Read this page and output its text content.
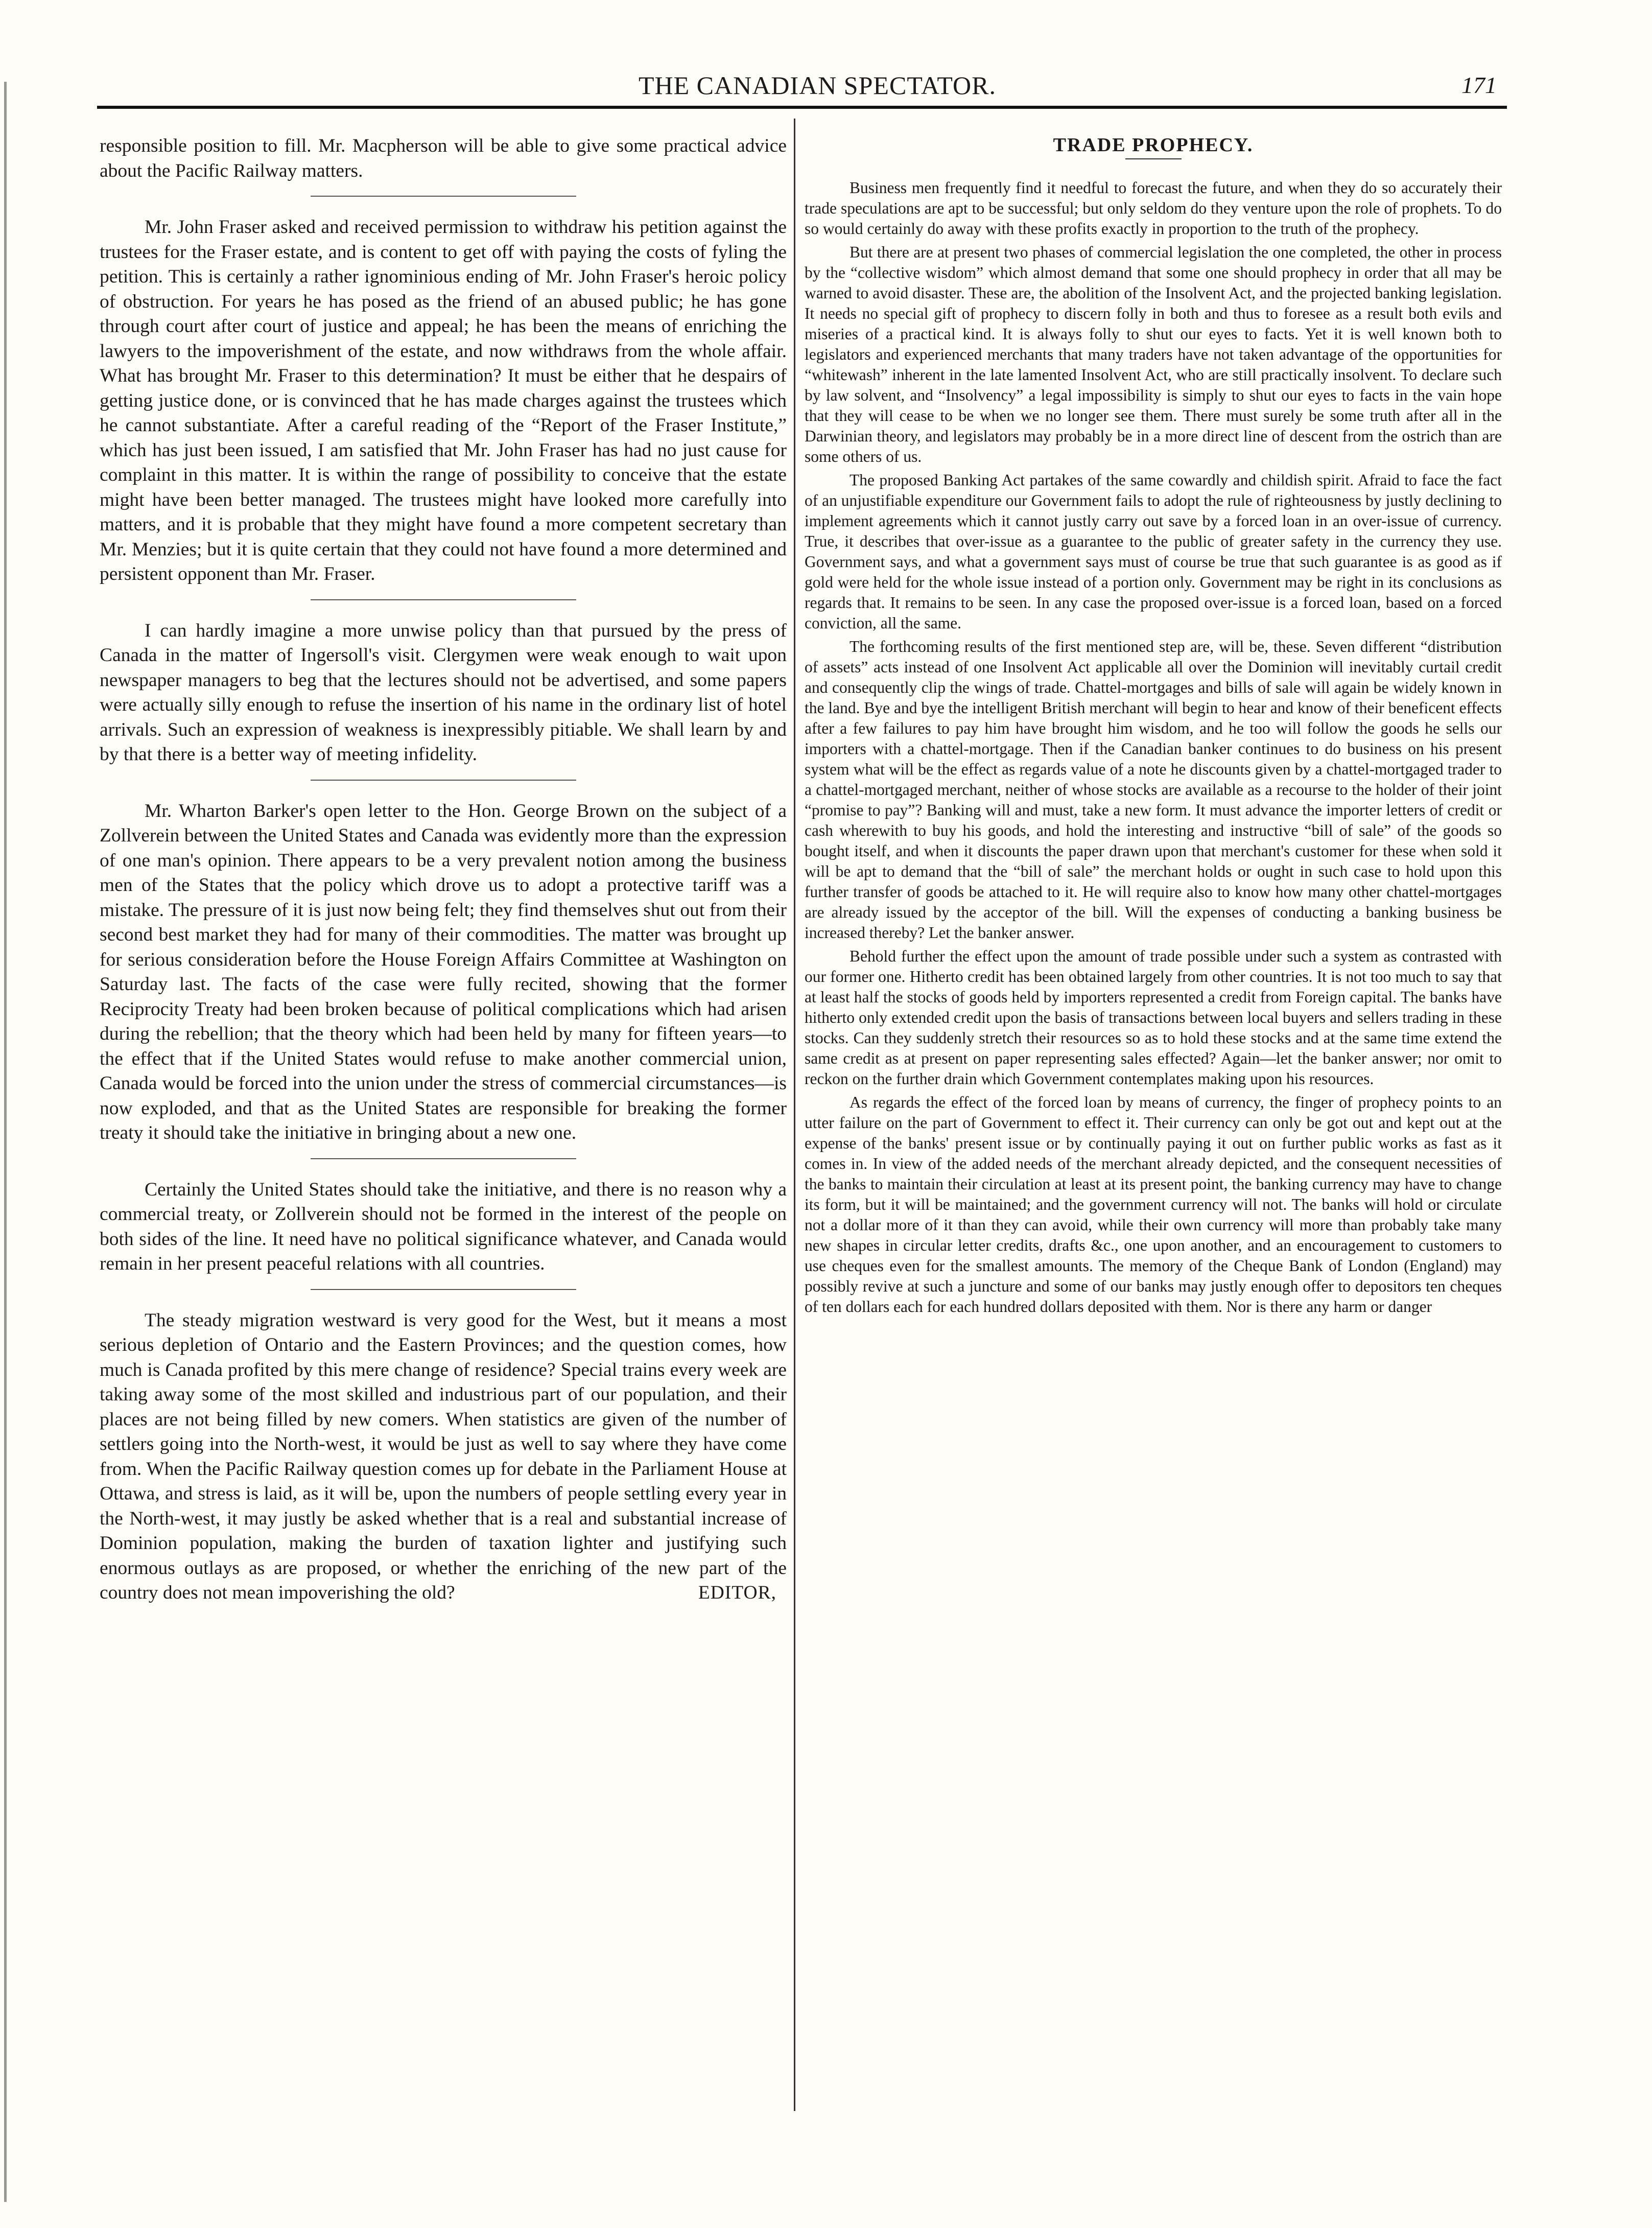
THE CANADIAN SPECTATOR.	171

responsible position to fill. Mr. Macpherson will be able to give some practical advice about the Pacific Railway matters.

Mr. John Fraser asked and received permission to withdraw his petition against the trustees for the Fraser estate, and is content to get off with paying the costs of fyling the petition. This is certainly a rather ignominious ending of Mr. John Fraser's heroic policy of obstruction. For years he has posed as the friend of an abused public; he has gone through court after court of justice and appeal; he has been the means of enriching the lawyers to the impoverishment of the estate, and now withdraws from the whole affair. What has brought Mr. Fraser to this determination? It must be either that he despairs of getting justice done, or is convinced that he has made charges against the trustees which he cannot substantiate. After a careful reading of the “Report of the Fraser Institute,” which has just been issued, I am satisfied that Mr. John Fraser has had no just cause for complaint in this matter. It is within the range of possibility to conceive that the estate might have been better managed. The trustees might have looked more carefully into matters, and it is probable that they might have found a more competent secretary than Mr. Menzies; but it is quite certain that they could not have found a more determined and persistent opponent than Mr. Fraser.

I can hardly imagine a more unwise policy than that pursued by the press of Canada in the matter of Ingersoll's visit. Clergymen were weak enough to wait upon newspaper managers to beg that the lectures should not be advertised, and some papers were actually silly enough to refuse the insertion of his name in the ordinary list of hotel arrivals. Such an expression of weakness is inexpressibly pitiable. We shall learn by and by that there is a better way of meeting infidelity.

Mr. Wharton Barker's open letter to the Hon. George Brown on the subject of a Zollverein between the United States and Canada was evidently more than the expression of one man's opinion. There appears to be a very prevalent notion among the business men of the States that the policy which drove us to adopt a protective tariff was a mistake. The pressure of it is just now being felt; they find themselves shut out from their second best market they had for many of their commodities. The matter was brought up for serious consideration before the House Foreign Affairs Committee at Washington on Saturday last. The facts of the case were fully recited, showing that the former Reciprocity Treaty had been broken because of political complications which had arisen during the rebellion; that the theory which had been held by many for fifteen years—to the effect that if the United States would refuse to make another commercial union, Canada would be forced into the union under the stress of commercial circumstances—is now exploded, and that as the United States are responsible for breaking the former treaty it should take the initiative in bringing about a new one.

Certainly the United States should take the initiative, and there is no reason why a commercial treaty, or Zollverein should not be formed in the interest of the people on both sides of the line. It need have no political significance whatever, and Canada would remain in her present peaceful relations with all countries.

The steady migration westward is very good for the West, but it means a most serious depletion of Ontario and the Eastern Provinces; and the question comes, how much is Canada profited by this mere change of residence? Special trains every week are taking away some of the most skilled and industrious part of our population, and their places are not being filled by new comers. When statistics are given of the number of settlers going into the North-west, it would be just as well to say where they have come from. When the Pacific Railway question comes up for debate in the Parliament House at Ottawa, and stress is laid, as it will be, upon the numbers of people settling every year in the North-west, it may justly be asked whether that is a real and substantial increase of Dominion population, making the burden of taxation lighter and justifying such enormous outlays as are proposed, or whether the enriching of the new part of the country does not mean impoverishing the old?	EDITOR,

TRADE PROPHECY.

Business men frequently find it needful to forecast the future, and when they do so accurately their trade speculations are apt to be successful; but only seldom do they venture upon the role of prophets. To do so would certainly do away with these profits exactly in proportion to the truth of the prophecy.

But there are at present two phases of commercial legislation the one completed, the other in process by the “collective wisdom” which almost demand that some one should prophecy in order that all may be warned to avoid disaster. These are, the abolition of the Insolvent Act, and the projected banking legislation. It needs no special gift of prophecy to discern folly in both and thus to foresee as a result both evils and miseries of a practical kind. It is always folly to shut our eyes to facts. Yet it is well known both to legislators and experienced merchants that many traders have not taken advantage of the opportunities for “whitewash” inherent in the late lamented Insolvent Act, who are still practically insolvent. To declare such by law solvent, and “Insolvency” a legal impossibility is simply to shut our eyes to facts in the vain hope that they will cease to be when we no longer see them. There must surely be some truth after all in the Darwinian theory, and legislators may probably be in a more direct line of descent from the ostrich than are some others of us.

The proposed Banking Act partakes of the same cowardly and childish spirit. Afraid to face the fact of an unjustifiable expenditure our Government fails to adopt the rule of righteousness by justly declining to implement agreements which it cannot justly carry out save by a forced loan in an over-issue of currency. True, it describes that over-issue as a guarantee to the public of greater safety in the currency they use. Government says, and what a government says must of course be true that such guarantee is as good as if gold were held for the whole issue instead of a portion only. Government may be right in its conclusions as regards that. It remains to be seen. In any case the proposed over-issue is a forced loan, based on a forced conviction, all the same.

The forthcoming results of the first mentioned step are, will be, these. Seven different “distribution of assets” acts instead of one Insolvent Act applicable all over the Dominion will inevitably curtail credit and consequently clip the wings of trade. Chattel-mortgages and bills of sale will again be widely known in the land. Bye and bye the intelligent British merchant will begin to hear and know of their beneficent effects after a few failures to pay him have brought him wisdom, and he too will follow the goods he sells our importers with a chattel-mortgage. Then if the Canadian banker continues to do business on his present system what will be the effect as regards value of a note he discounts given by a chattel-mortgaged trader to a chattel-mortgaged merchant, neither of whose stocks are available as a recourse to the holder of their joint “promise to pay”? Banking will and must, take a new form. It must advance the importer letters of credit or cash wherewith to buy his goods, and hold the interesting and instructive “bill of sale” of the goods so bought itself, and when it discounts the paper drawn upon that merchant's customer for these when sold it will be apt to demand that the “bill of sale” the merchant holds or ought in such case to hold upon this further transfer of goods be attached to it. He will require also to know how many other chattel-mortgages are already issued by the acceptor of the bill. Will the expenses of conducting a banking business be increased thereby? Let the banker answer.

Behold further the effect upon the amount of trade possible under such a system as contrasted with our former one. Hitherto credit has been obtained largely from other countries. It is not too much to say that at least half the stocks of goods held by importers represented a credit from Foreign capital. The banks have hitherto only extended credit upon the basis of transactions between local buyers and sellers trading in these stocks. Can they suddenly stretch their resources so as to hold these stocks and at the same time extend the same credit as at present on paper representing sales effected? Again—let the banker answer; nor omit to reckon on the further drain which Government contemplates making upon his resources.

As regards the effect of the forced loan by means of currency, the finger of prophecy points to an utter failure on the part of Government to effect it. Their currency can only be got out and kept out at the expense of the banks' present issue or by continually paying it out on further public works as fast as it comes in. In view of the added needs of the merchant already depicted, and the consequent necessities of the banks to maintain their circulation at least at its present point, the banking currency may have to change its form, but it will be maintained; and the government currency will not. The banks will hold or circulate not a dollar more of it than they can avoid, while their own currency will more than probably take many new shapes in circular letter credits, drafts &c., one upon another, and an encouragement to customers to use cheques even for the smallest amounts. The memory of the Cheque Bank of London (England) may possibly revive at such a juncture and some of our banks may justly enough offer to depositors ten cheques of ten dollars each for each hundred dollars deposited with them. Nor is there any harm or danger
